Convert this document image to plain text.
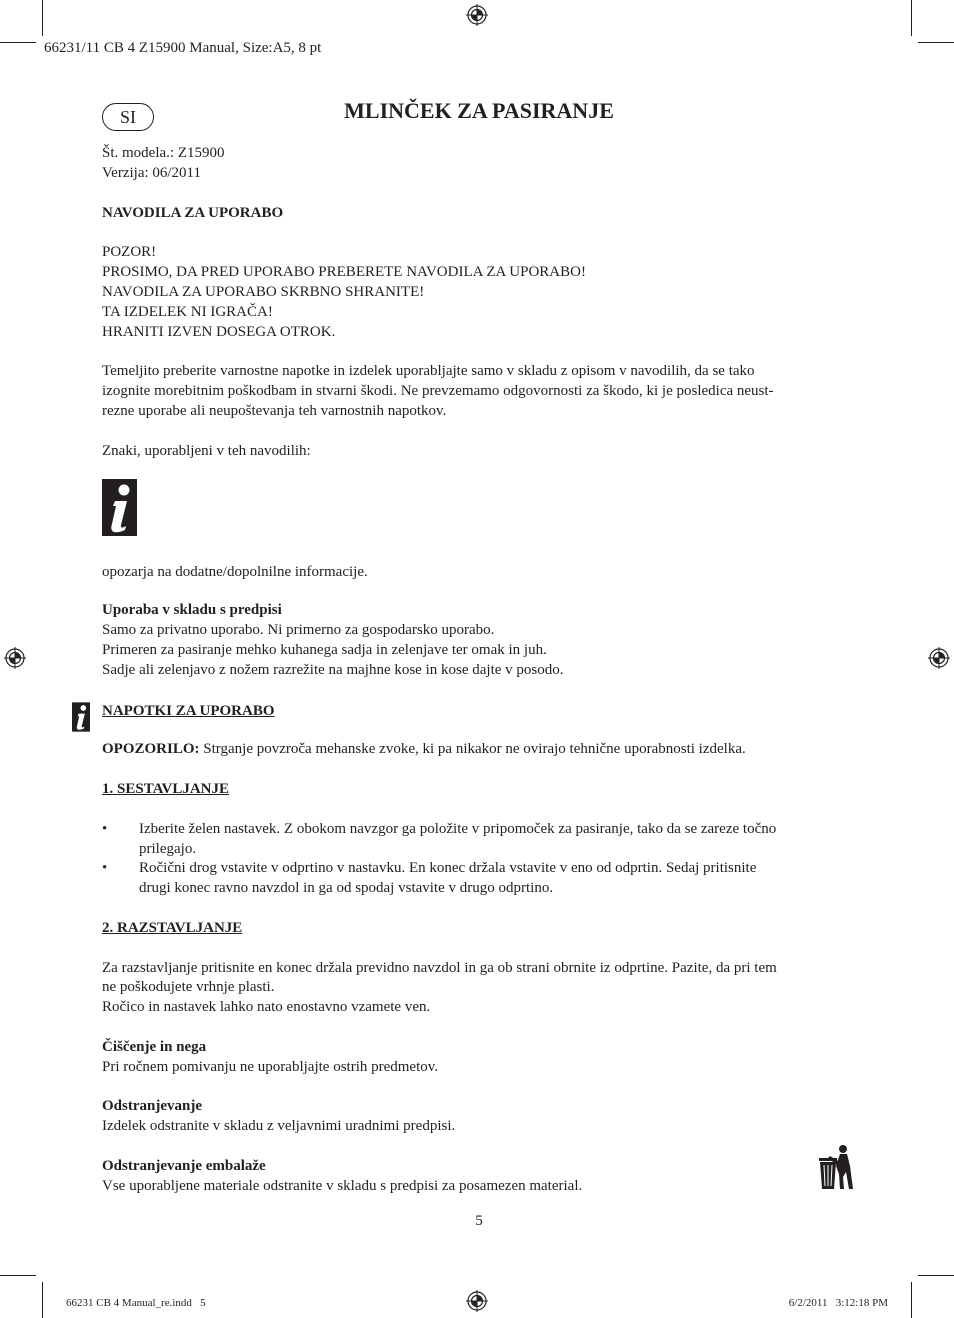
66231/11 CB 4 Z15900 Manual, Size:A5, 8 pt
SI	MLINČEK ZA PASIRANJE
Št. modela.: Z15900
Verzija: 06/2011
NAVODILA ZA UPORABO
POZOR!
PROSIMO, DA PRED UPORABO PREBERETE NAVODILA ZA UPORABO!
NAVODILA ZA UPORABO SKRBNO SHRANITE!
TA IZDELEK NI IGRAČA!
HRANITI IZVEN DOSEGA OTROK.
Temeljito preberite varnostne napotke in izdelek uporabljajte samo v skladu z opisom v navodilih, da se tako
izognite morebitnim poškodbam in stvarni škodi. Ne prevzemamo odgovornosti za škodo, ki je posledica neust-
rezne uporabe ali neupoštevanja teh varnostnih napotkov.
Znaki, uporabljeni v teh navodilih:
opozarja na dodatne/dopolnilne informacije.
Uporaba v skladu s predpisi
Samo za privatno uporabo. Ni primerno za gospodarsko uporabo.
Primeren za pasiranje mehko kuhanega sadja in zelenjave ter omak in juh.
Sadje ali zelenjavo z nožem razrežite na majhne kose in kose dajte v posodo.
NAPOTKI ZA UPORABO
OPOZORILO: Strganje povzroča mehanske zvoke, ki pa nikakor ne ovirajo tehnične uporabnosti izdelka.
1. SESTAVLJANJE
• Izberite želen nastavek. Z obokom navzgor ga položite v pripomoček za pasiranje, tako da se zareze točno
prilegajo.
• Ročični drog vstavite v odprtino v nastavku. En konec držala vstavite v eno od odprtin. Sedaj pritisnite
drugi konec ravno navzdol in ga od spodaj vstavite v drugo odprtino.
2. RAZSTAVLJANJE
Za razstavljanje pritisnite en konec držala previdno navzdol in ga ob strani obrnite iz odprtine. Pazite, da pri tem
ne poškodujete vrhnje plasti.
Ročico in nastavek lahko nato enostavno vzamete ven.
Čiščenje in nega
Pri ročnem pomivanju ne uporabljajte ostrih predmetov.
Odstranjevanje
Izdelek odstranite v skladu z veljavnimi uradnimi predpisi.
Odstranjevanje embalaže
Vse uporabljene materiale odstranite v skladu s predpisi za posamezen material.
5
66231 CB 4 Manual_re.indd   5	6/2/2011   3:12:18 PM
